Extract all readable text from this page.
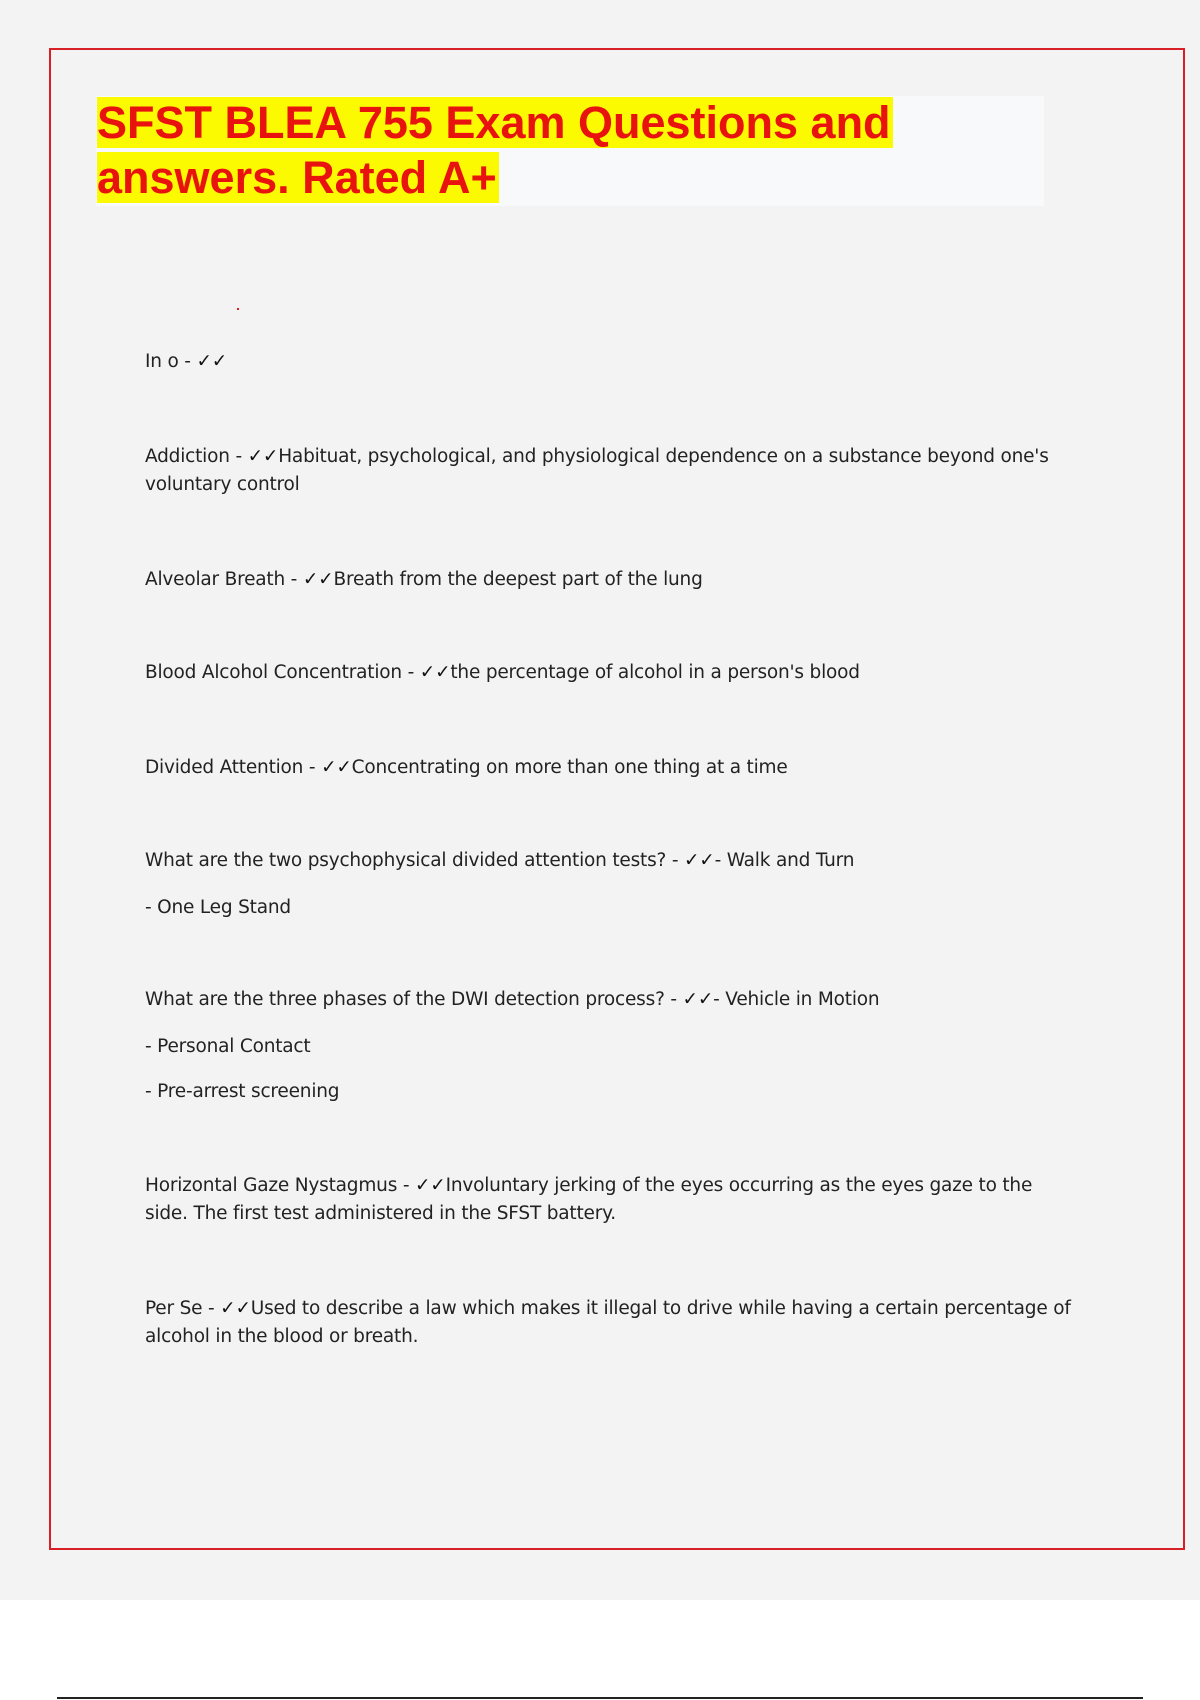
SFST BLEA 755 Exam Questions and
answers. Rated A+
In o - ✓✓
Addiction - ✓✓Habituat, psychological, and physiological dependence on a substance beyond one's voluntary control
Alveolar Breath - ✓✓Breath from the deepest part of the lung
Blood Alcohol Concentration - ✓✓the percentage of alcohol in a person's blood
Divided Attention - ✓✓Concentrating on more than one thing at a time
What are the two psychophysical divided attention tests? - ✓✓- Walk and Turn
- One Leg Stand
What are the three phases of the DWI detection process? - ✓✓- Vehicle in Motion
- Personal Contact
- Pre-arrest screening
Horizontal Gaze Nystagmus - ✓✓Involuntary jerking of the eyes occurring as the eyes gaze to the side. The first test administered in the SFST battery.
Per Se - ✓✓Used to describe a law which makes it illegal to drive while having a certain percentage of alcohol in the blood or breath.
